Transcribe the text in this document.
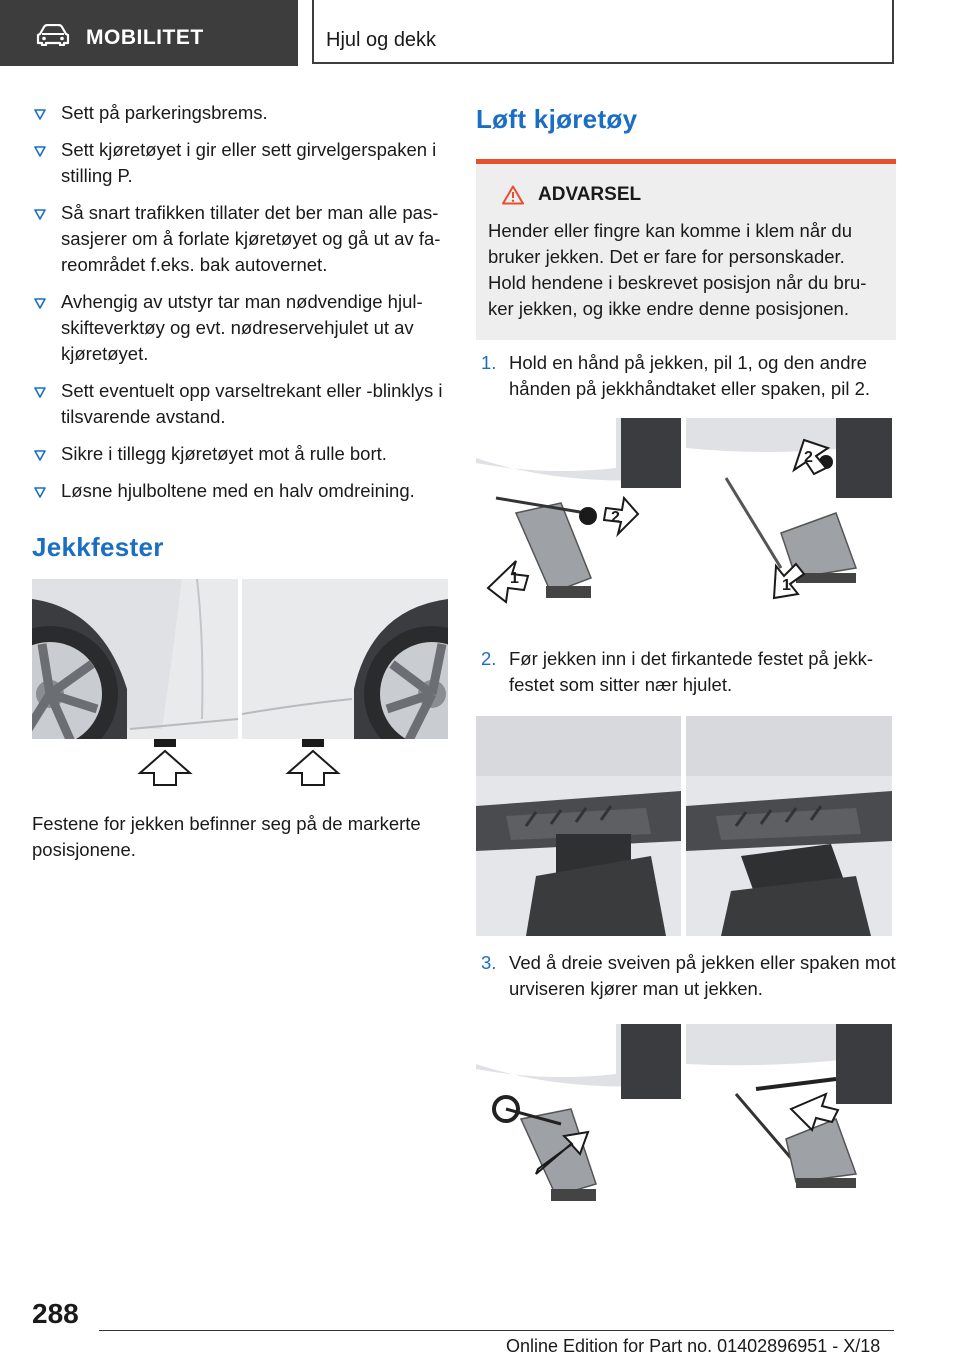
MOBILITET	Hjul og dekk
Sett på parkeringsbrems.
Sett kjøretøyet i gir eller sett girvelgerspaken i stilling P.
Så snart trafikken tillater det ber man alle passasjerer om å forlate kjøretøyet og gå ut av fareområdet f.eks. bak autovernet.
Avhengig av utstyr tar man nødvendige hjulskifteverktøy og evt. nødreservehjulet ut av kjøretøyet.
Sett eventuelt opp varseltrekant eller ‑blinklys i tilsvarende avstand.
Sikre i tillegg kjøretøyet mot å rulle bort.
Løsne hjulboltene med en halv omdreining.
Jekkfester
Festene for jekken befinner seg på de markerte posisjonene.
Løft kjøretøy
ADVARSEL
Hender eller fingre kan komme i klem når du bruker jekken. Det er fare for personskader. Hold hendene i beskrevet posisjon når du bruker jekken, og ikke endre denne posisjonen.
1. Hold en hånd på jekken, pil 1, og den andre hånden på jekkhåndtaket eller spaken, pil 2.
1
2
2
1
2. Før jekken inn i det firkantede festet på jekkfestet som sitter nær hjulet.
3. Ved å dreie sveiven på jekken eller spaken mot urviseren kjører man ut jekken.
288
Online Edition for Part no. 01402896951 - X/18
